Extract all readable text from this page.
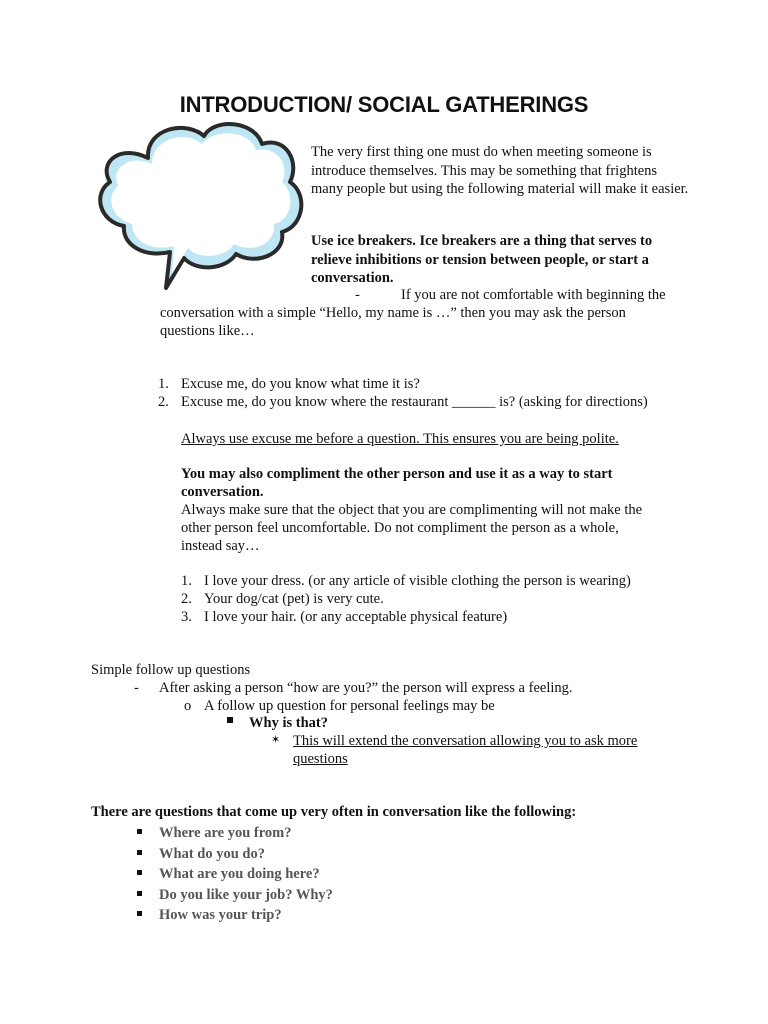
INTRODUCTION/ SOCIAL GATHERINGS
The very first thing one must do when meeting someone is introduce themselves. This may be something that frightens many people but using the following material will make it easier.
Use ice breakers. Ice breakers are a thing that serves to relieve inhibitions or tension between people, or start a conversation.
-	If you are not comfortable with beginning the
conversation with a simple “Hello, my name is …” then you may ask the person
questions like…
1. Excuse me, do you know what time it is?
2. Excuse me, do you know where the restaurant ______ is? (asking for directions)
Always use excuse me before a question. This ensures you are being polite.
You may also compliment the other person and use it as a way to start
conversation.
Always make sure that the object that you are complimenting will not make the
other person feel uncomfortable. Do not compliment the person as a whole,
instead say…
1. I love your dress. (or any article of visible clothing the person is wearing)
2. Your dog/cat (pet) is very cute.
3. I love your hair. (or any acceptable physical feature)
Simple follow up questions
- After asking a person “how are you?” the person will express a feeling.
o A follow up question for personal feelings may be
Why is that?
✶ This will extend the conversation allowing you to ask more
questions
There are questions that come up very often in conversation like the following:
Where are you from?
What do you do?
What are you doing here?
Do you like your job? Why?
How was your trip?
